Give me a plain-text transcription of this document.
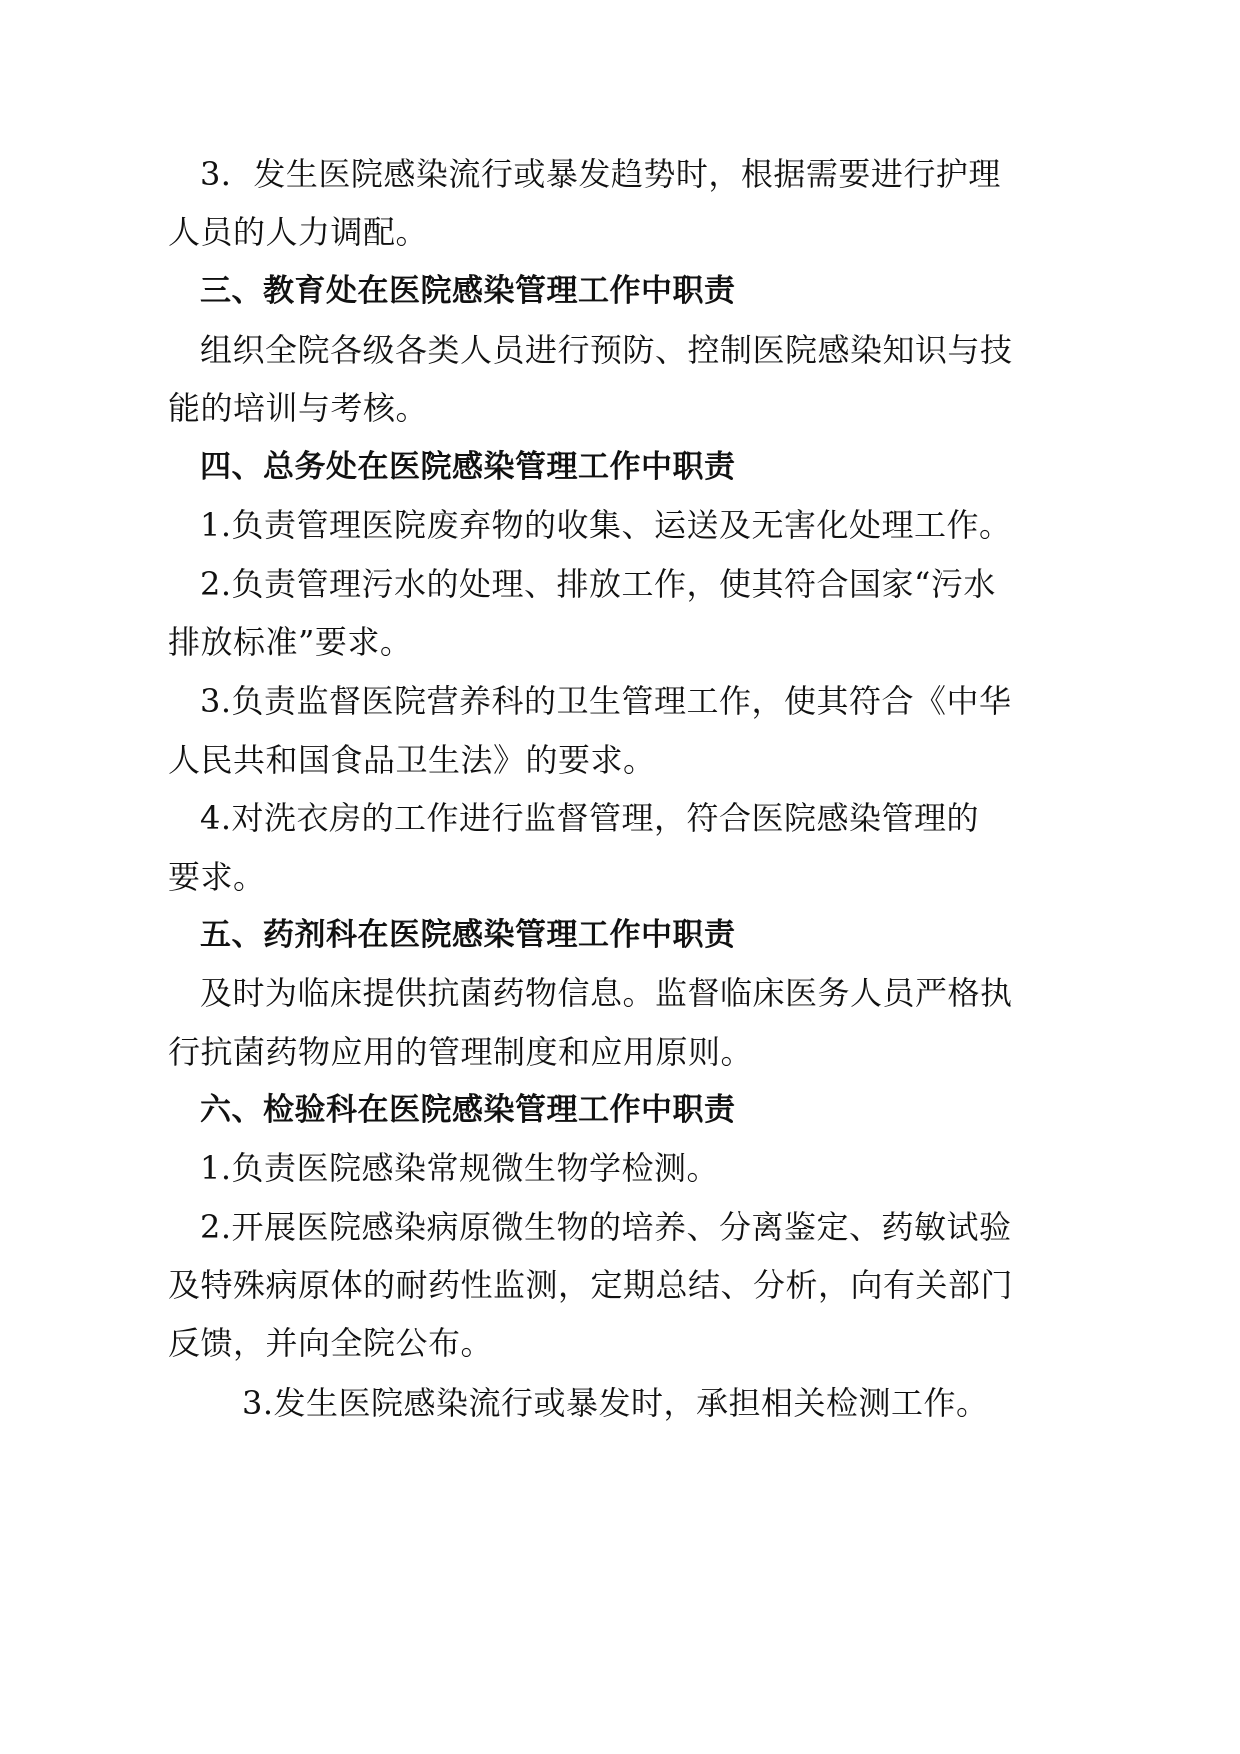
3．发生医院感染流行或暴发趋势时，根据需要进行护理
人员的人力调配。
三、教育处在医院感染管理工作中职责
组织全院各级各类人员进行预防、控制医院感染知识与技
能的培训与考核。
四、总务处在医院感染管理工作中职责
1.负责管理医院废弃物的收集、运送及无害化处理工作。
2.负责管理污水的处理、排放工作，使其符合国家“污水
排放标准”要求。
3.负责监督医院营养科的卫生管理工作，使其符合《中华
人民共和国食品卫生法》的要求。
4.对洗衣房的工作进行监督管理，符合医院感染管理的
要求。
五、药剂科在医院感染管理工作中职责
及时为临床提供抗菌药物信息。监督临床医务人员严格执
行抗菌药物应用的管理制度和应用原则。
六、检验科在医院感染管理工作中职责
1.负责医院感染常规微生物学检测。
2.开展医院感染病原微生物的培养、分离鉴定、药敏试验
及特殊病原体的耐药性监测，定期总结、分析，向有关部门
反馈，并向全院公布。
3.发生医院感染流行或暴发时，承担相关检测工作。
